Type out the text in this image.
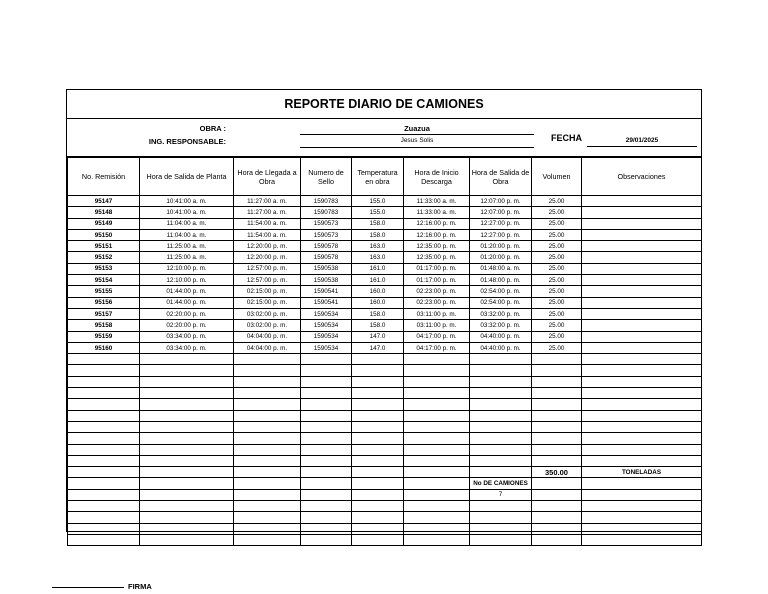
REPORTE DIARIO DE CAMIONES
OBRA :
ING. RESPONSABLE:
Zuazua
Jesus Solis	FECHA	29/01/2025
No. Remisión	Hora de Salida de Planta	Hora de Llegada a Obra	Numero de Sello	Temperatura en obra	Hora de Inicio Descarga	Hora de Salida de Obra	Volumen	Observaciones
95147	10:41:00 a. m.	11:27:00 a. m.	1590783	155.0	11:33:00 a. m.	12:07:00 p. m.	25.00	
95148	10:41:00 a. m.	11:27:00 a. m.	1590783	155.0	11:33:00 a. m.	12:07:00 p. m.	25.00	
95149	11:04:00 a. m.	11:54:00 a. m.	1590573	158.0	12:16:00 p. m.	12:27:00 p. m.	25.00	
95150	11:04:00 a. m.	11:54:00 a. m.	1590573	158.0	12:16:00 p. m.	12:27:00 p. m.	25.00	
95151	11:25:00 a. m.	12:20:00 p. m.	1590578	163.0	12:35:00 p. m.	01:20:00 p. m.	25.00	
95152	11:25:00 a. m.	12:20:00 p. m.	1590578	163.0	12:35:00 p. m.	01:20:00 p. m.	25.00	
95153	12:10:00 p. m.	12:57:00 p. m.	1590538	161.0	01:17:00 p. m.	01:48:00 a. m.	25.00	
95154	12:10:00 p. m.	12:57:00 p. m.	1590538	161.0	01:17:00 p. m.	01:48:00 p. m.	25.00	
95155	01:44:00 p. m.	02:15:00 p. m.	1590541	160.0	02:23:00 p. m.	02:54:00 p. m.	25.00	
95156	01:44:00 p. m.	02:15:00 p. m.	1590541	160.0	02:23:00 p. m.	02:54:00 p. m.	25.00	
95157	02:20:00 p. m.	03:02:00 p. m.	1590534	158.0	03:11:00 p. m.	03:32:00 p. m.	25.00	
95158	02:20:00 p. m.	03:02:00 p. m.	1590534	158.0	03:11:00 p. m.	03:32:00 p. m.	25.00	
95159	03:34:00 p. m.	04:04:00 p. m.	1590534	147.0	04:17:00 p. m.	04:40:00 p. m.	25.00	
95160	03:34:00 p. m.	04:04:00 p. m.	1590534	147.0	04:17:00 p. m.	04:40:00 p. m.	25.00	

							350.00	TONELADAS
						No DE CAMIONES		
						7		

FIRMA
